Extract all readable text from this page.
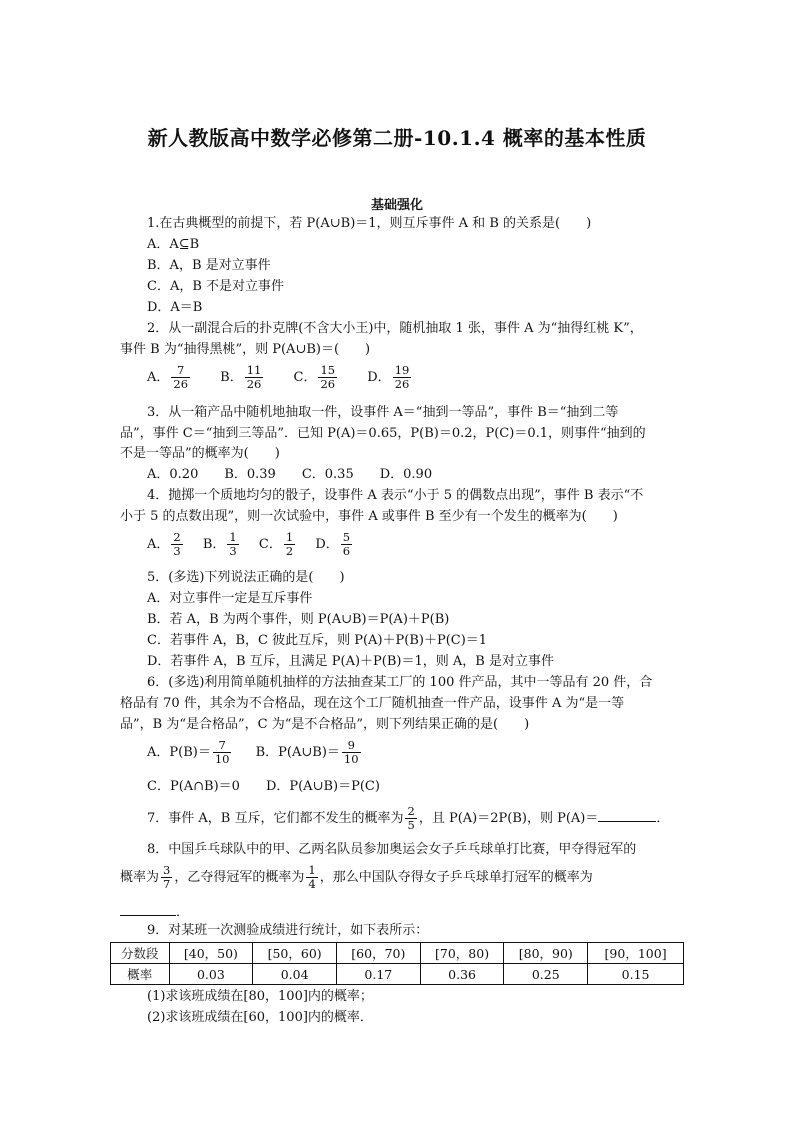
新人教版高中数学必修第二册-10.1.4 概率的基本性质
基础强化
1.在古典概型的前提下，若 P(A∪B)＝1，则互斥事件 A 和 B 的关系是(　　)
A．A⊆B
B．A，B 是对立事件
C．A，B 不是对立事件
D．A＝B
2．从一副混合后的扑克牌(不含大小王)中，随机抽取 1 张，事件 A 为“抽得红桃 K”，
事件 B 为“抽得黑桃”，则 P(A∪B)＝(　　)
A． $\frac{7}{26}$ B． $\frac{11}{26}$ C． $\frac{15}{26}$ D． $\frac{19}{26}$
3．从一箱产品中随机地抽取一件，设事件 A＝“抽到一等品”，事件 B＝“抽到二等
品”，事件 C＝“抽到三等品”．已知 P(A)＝0.65，P(B)＝0.2，P(C)＝0.1，则事件“抽到的
不是一等品”的概率为(　　)
A．0.20　　B．0.39　　C．0.35　　D．0.90
4．抛掷一个质地均匀的骰子，设事件 A 表示“小于 5 的偶数点出现”，事件 B 表示“不
小于 5 的点数出现”，则一次试验中，事件 A 或事件 B 至少有一个发生的概率为(　　)
A． $\frac{2}{3}$ B． $\frac{1}{3}$ C． $\frac{1}{2}$ D． $\frac{5}{6}$
5．(多选)下列说法正确的是(　　)
A．对立事件一定是互斥事件
B．若 A，B 为两个事件，则 P(A∪B)＝P(A)＋P(B)
C．若事件 A，B，C 彼此互斥，则 P(A)＋P(B)＋P(C)＝1
D．若事件 A，B 互斥，且满足 P(A)＋P(B)＝1，则 A，B 是对立事件
6．(多选)利用简单随机抽样的方法抽查某工厂的 100 件产品，其中一等品有 20 件，合
格品有 70 件，其余为不合格品，现在这个工厂随机抽查一件产品，设事件 A 为“是一等
品”，B 为“是合格品”，C 为“是不合格品”，则下列结果正确的是(　　)
A．$P(B)= \frac{7}{10}$ B．P(A∪B)＝ $\frac{9}{10}$
C．P(A∩B)＝0　　D．P(A∪B)＝P(C)
7．事件 A，B 互斥，它们都不发生的概率为 $\frac{2}{5}$ ，且 P(A)＝2P(B)，则 P(A)＝	．
8．中国乒乓球队中的甲、乙两名队员参加奥运会女子乒乓球单打比赛，甲夺得冠军的
概率为 $\frac{3}{7}$ ，乙夺得冠军的概率为 $\frac{1}{4}$ ，那么中国队夺得女子乒乓球单打冠军的概率为
．
9．对某班一次测验成绩进行统计，如下表所示：
分数段	[40，50)	[50，60)	[60，70)	[70，80)	[80，90)	[90，100]
概率	0.03	0.04	0.17	0.36	0.25	0.15
(1)求该班成绩在[80，100]内的概率；
(2)求该班成绩在[60，100]内的概率．
